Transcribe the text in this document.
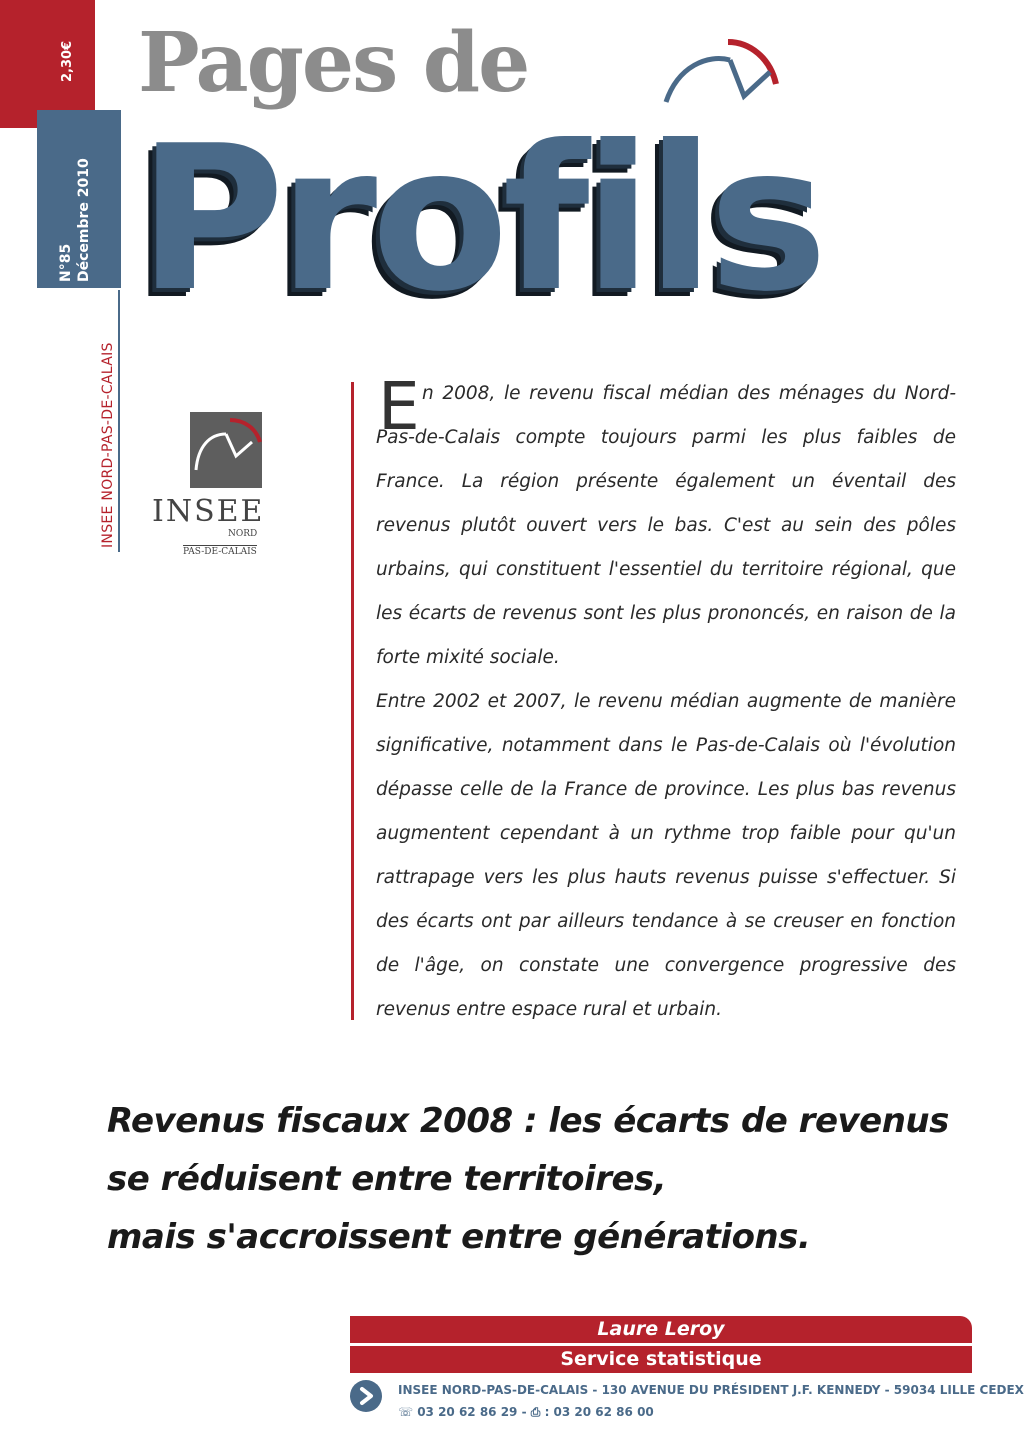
2,30€
N°85 Décembre 2010
INSEE NORD-PAS-DE-CALAIS
Pages de
Profils
INSEE
NORD
PAS-DE-CALAIS
E n 2008, le revenu fiscal médian des ménages du Nord-Pas-de-Calais compte toujours parmi les plus faibles de France. La région présente également un éventail des revenus plutôt ouvert vers le bas. C'est au sein des pôles urbains, qui constituent l'essentiel du territoire régional, que les écarts de revenus sont les plus prononcés, en raison de la forte mixité sociale.
Entre 2002 et 2007, le revenu médian augmente de manière significative, notamment dans le Pas-de-Calais où l'évolution dépasse celle de la France de province. Les plus bas revenus augmentent cependant à un rythme trop faible pour qu'un rattrapage vers les plus hauts revenus puisse s'effectuer. Si des écarts ont par ailleurs tendance à se creuser en fonction de l'âge, on constate une convergence progressive des revenus entre espace rural et urbain.
Revenus fiscaux 2008 : les écarts de revenus
se réduisent entre territoires,
mais s'accroissent entre générations.
Laure Leroy
Service statistique
INSEE NORD-PAS-DE-CALAIS - 130 AVENUE DU PRÉSIDENT J.F. KENNEDY - 59034 LILLE CEDEX
☏ 03 20 62 86 29 - ⎙ : 03 20 62 86 00
